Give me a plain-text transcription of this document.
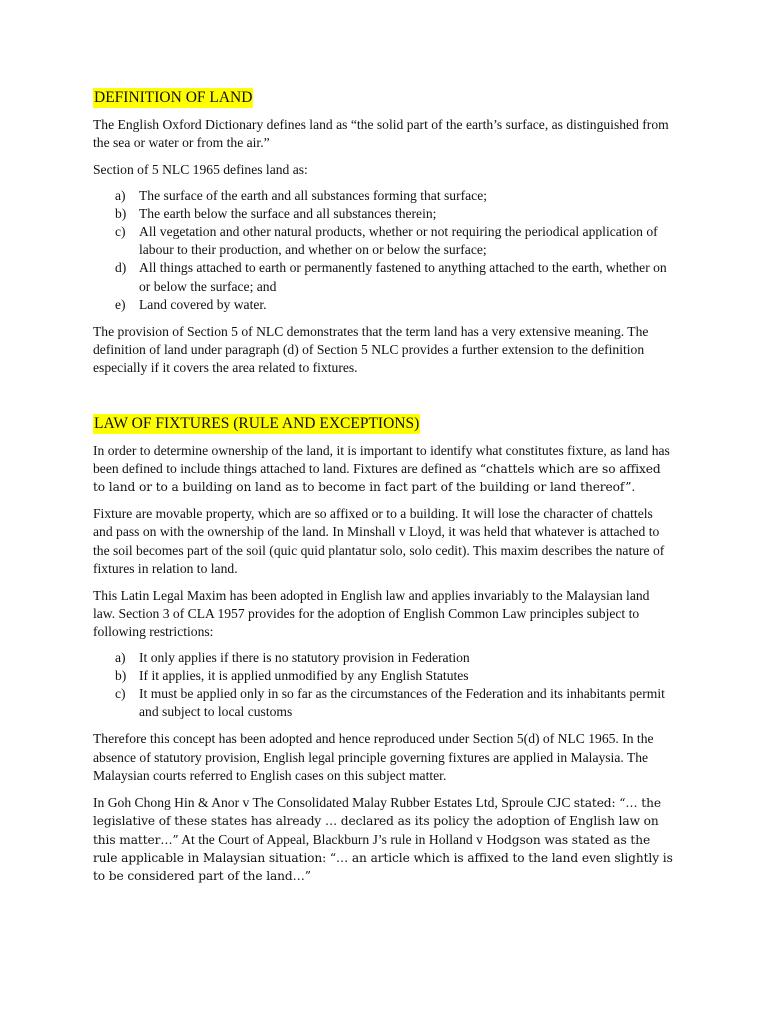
DEFINITION OF LAND

The English Oxford Dictionary defines land as “the solid part of the earth’s surface, as distinguished from the sea or water or from the air.”

Section of 5 NLC 1965 defines land as:

a) The surface of the earth and all substances forming that surface;
b) The earth below the surface and all substances therein;
c) All vegetation and other natural products, whether or not requiring the periodical application of labour to their production, and whether on or below the surface;
d) All things attached to earth or permanently fastened to anything attached to the earth, whether on or below the surface; and
e) Land covered by water.

The provision of Section 5 of NLC demonstrates that the term land has a very extensive meaning. The definition of land under paragraph (d) of Section 5 NLC provides a further extension to the definition especially if it covers the area related to fixtures.

LAW OF FIXTURES (RULE AND EXCEPTIONS)

In order to determine ownership of the land, it is important to identify what constitutes fixture, as land has been defined to include things attached to land. Fixtures are defined as “chattels which are so affixed to land or to a building on land as to become in fact part of the building or land thereof”.

Fixture are movable property, which are so affixed or to a building. It will lose the character of chattels and pass on with the ownership of the land. In Minshall v Lloyd, it was held that whatever is attached to the soil becomes part of the soil (quic quid plantatur solo, solo cedit). This maxim describes the nature of fixtures in relation to land.

This Latin Legal Maxim has been adopted in English law and applies invariably to the Malaysian land law. Section 3 of CLA 1957 provides for the adoption of English Common Law principles subject to following restrictions:

a) It only applies if there is no statutory provision in Federation
b) If it applies, it is applied unmodified by any English Statutes
c) It must be applied only in so far as the circumstances of the Federation and its inhabitants permit and subject to local customs

Therefore this concept has been adopted and hence reproduced under Section 5(d) of NLC 1965. In the absence of statutory provision, English legal principle governing fixtures are applied in Malaysia. The Malaysian courts referred to English cases on this subject matter.

In Goh Chong Hin & Anor v The Consolidated Malay Rubber Estates Ltd, Sproule CJC stated: “… the legislative of these states has already … declared as its policy the adoption of English law on this matter…” At the Court of Appeal, Blackburn J’s rule in Holland v Hodgson was stated as the rule applicable in Malaysian situation: “… an article which is affixed to the land even slightly is to be considered part of the land…”
